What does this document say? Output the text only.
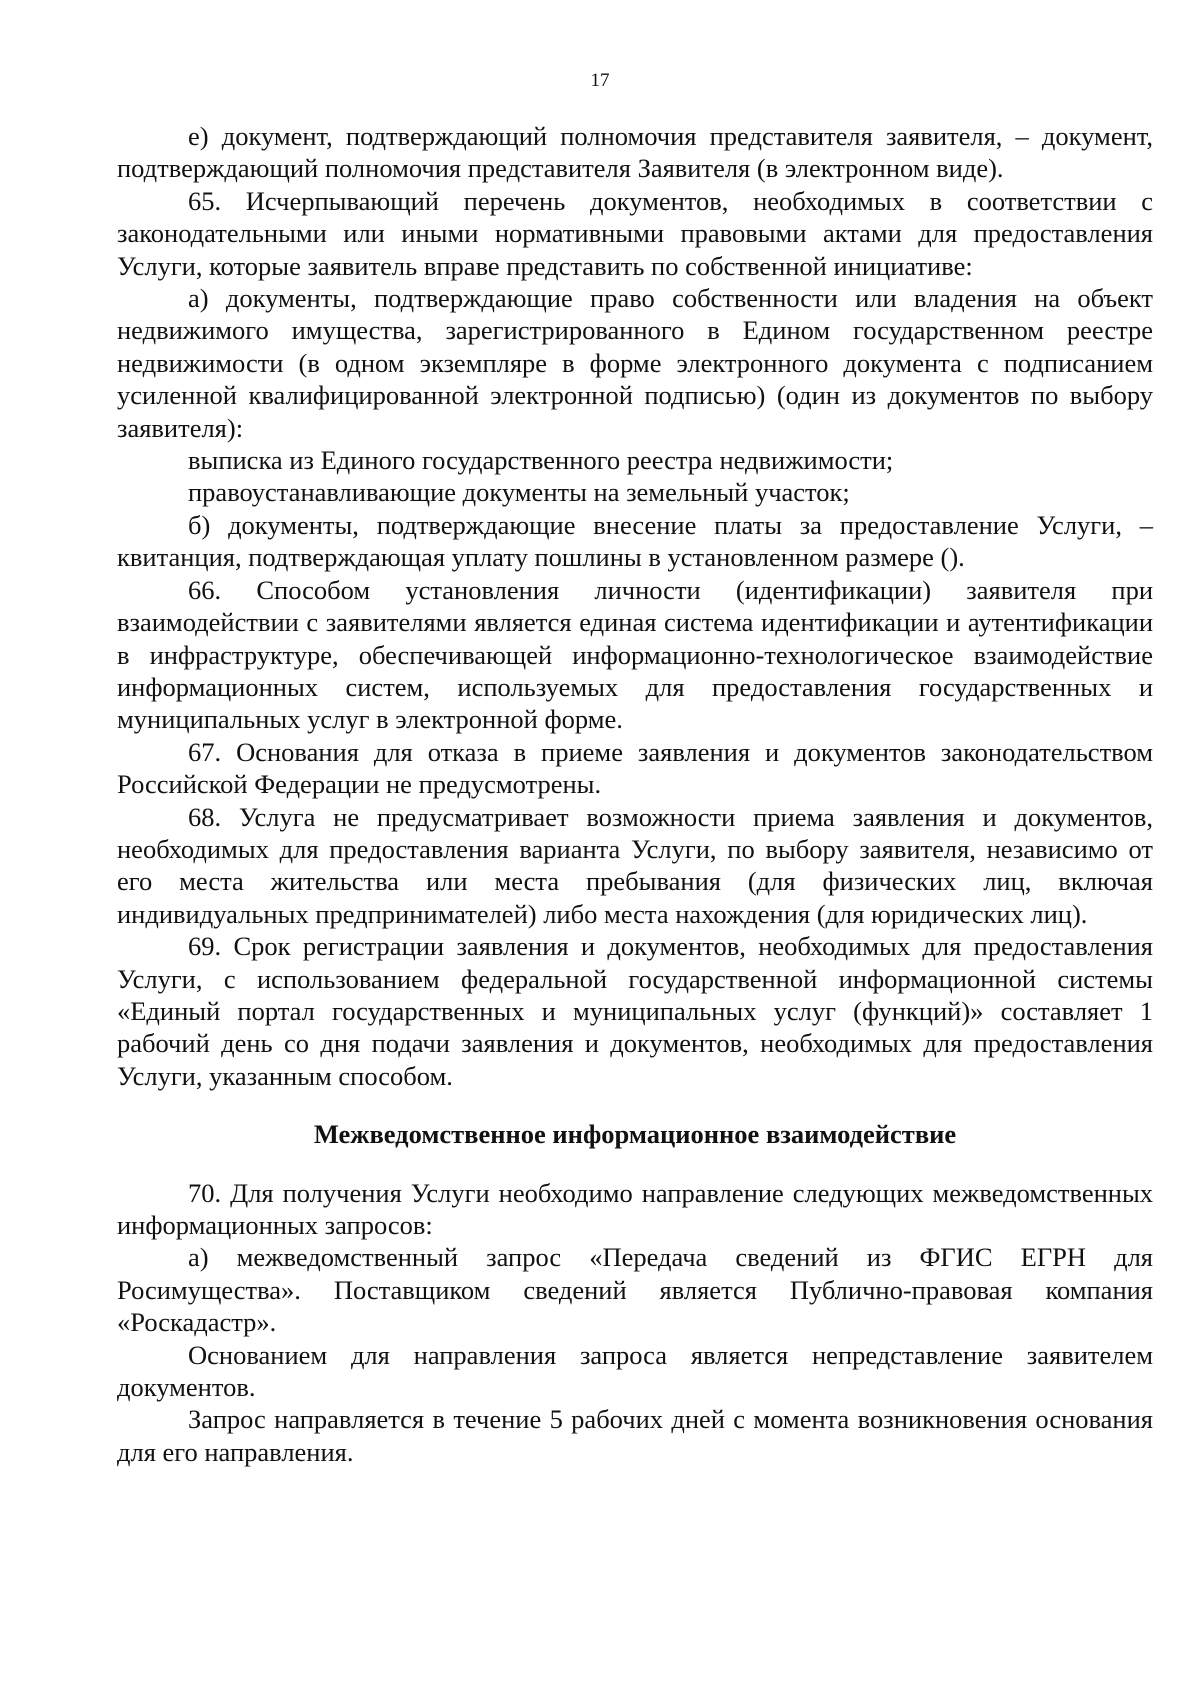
17

е) документ, подтверждающий полномочия представителя заявителя, – документ, подтверждающий полномочия представителя Заявителя (в электронном виде).

65. Исчерпывающий перечень документов, необходимых в соответствии с законодательными или иными нормативными правовыми актами для предоставления Услуги, которые заявитель вправе представить по собственной инициативе:

а) документы, подтверждающие право собственности или владения на объект недвижимого имущества, зарегистрированного в Едином государственном реестре недвижимости (в одном экземпляре в форме электронного документа с подписанием усиленной квалифицированной электронной подписью) (один из документов по выбору заявителя):

выписка из Единого государственного реестра недвижимости;

правоустанавливающие документы на земельный участок;

б) документы, подтверждающие внесение платы за предоставление Услуги, – квитанция, подтверждающая уплату пошлины в установленном размере ().

66. Способом установления личности (идентификации) заявителя при взаимодействии с заявителями является единая система идентификации и аутентификации в инфраструктуре, обеспечивающей информационно-технологическое взаимодействие информационных систем, используемых для предоставления государственных и муниципальных услуг в электронной форме.

67. Основания для отказа в приеме заявления и документов законодательством Российской Федерации не предусмотрены.

68. Услуга не предусматривает возможности приема заявления и документов, необходимых для предоставления варианта Услуги, по выбору заявителя, независимо от его места жительства или места пребывания (для физических лиц, включая индивидуальных предпринимателей) либо места нахождения (для юридических лиц).

69. Срок регистрации заявления и документов, необходимых для предоставления Услуги, с использованием федеральной государственной информационной системы «Единый портал государственных и муниципальных услуг (функций)» составляет 1 рабочий день со дня подачи заявления и документов, необходимых для предоставления Услуги, указанным способом.

Межведомственное информационное взаимодействие

70. Для получения Услуги необходимо направление следующих межведомственных информационных запросов:

а) межведомственный запрос «Передача сведений из ФГИС ЕГРН для Росимущества». Поставщиком сведений является Публично-правовая компания «Роскадастр».

Основанием для направления запроса является непредставление заявителем документов.

Запрос направляется в течение 5 рабочих дней с момента возникновения основания для его направления.
